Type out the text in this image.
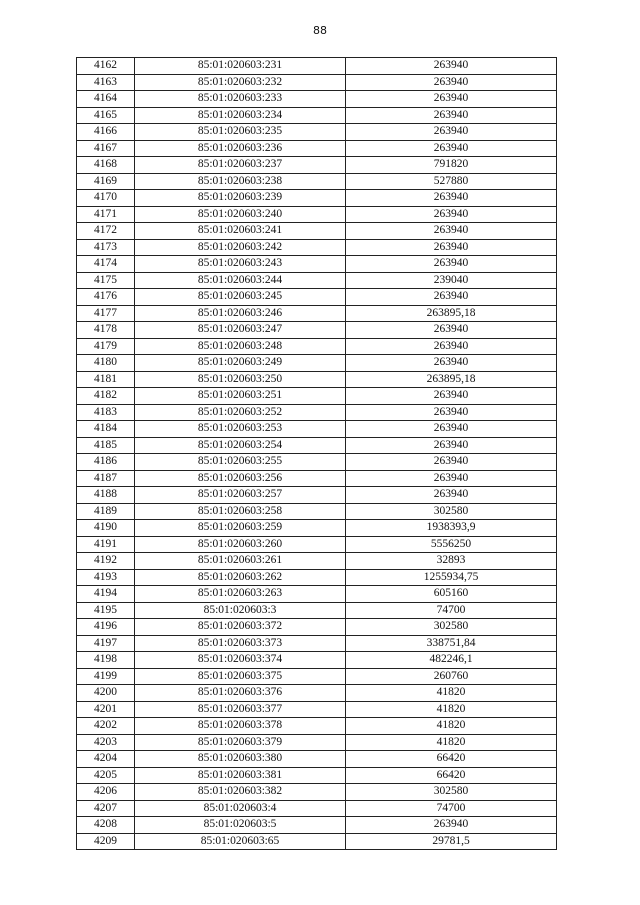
88
4162	85:01:020603:231	263940
4163	85:01:020603:232	263940
4164	85:01:020603:233	263940
4165	85:01:020603:234	263940
4166	85:01:020603:235	263940
4167	85:01:020603:236	263940
4168	85:01:020603:237	791820
4169	85:01:020603:238	527880
4170	85:01:020603:239	263940
4171	85:01:020603:240	263940
4172	85:01:020603:241	263940
4173	85:01:020603:242	263940
4174	85:01:020603:243	263940
4175	85:01:020603:244	239040
4176	85:01:020603:245	263940
4177	85:01:020603:246	263895,18
4178	85:01:020603:247	263940
4179	85:01:020603:248	263940
4180	85:01:020603:249	263940
4181	85:01:020603:250	263895,18
4182	85:01:020603:251	263940
4183	85:01:020603:252	263940
4184	85:01:020603:253	263940
4185	85:01:020603:254	263940
4186	85:01:020603:255	263940
4187	85:01:020603:256	263940
4188	85:01:020603:257	263940
4189	85:01:020603:258	302580
4190	85:01:020603:259	1938393,9
4191	85:01:020603:260	5556250
4192	85:01:020603:261	32893
4193	85:01:020603:262	1255934,75
4194	85:01:020603:263	605160
4195	85:01:020603:3	74700
4196	85:01:020603:372	302580
4197	85:01:020603:373	338751,84
4198	85:01:020603:374	482246,1
4199	85:01:020603:375	260760
4200	85:01:020603:376	41820
4201	85:01:020603:377	41820
4202	85:01:020603:378	41820
4203	85:01:020603:379	41820
4204	85:01:020603:380	66420
4205	85:01:020603:381	66420
4206	85:01:020603:382	302580
4207	85:01:020603:4	74700
4208	85:01:020603:5	263940
4209	85:01:020603:65	29781,5
